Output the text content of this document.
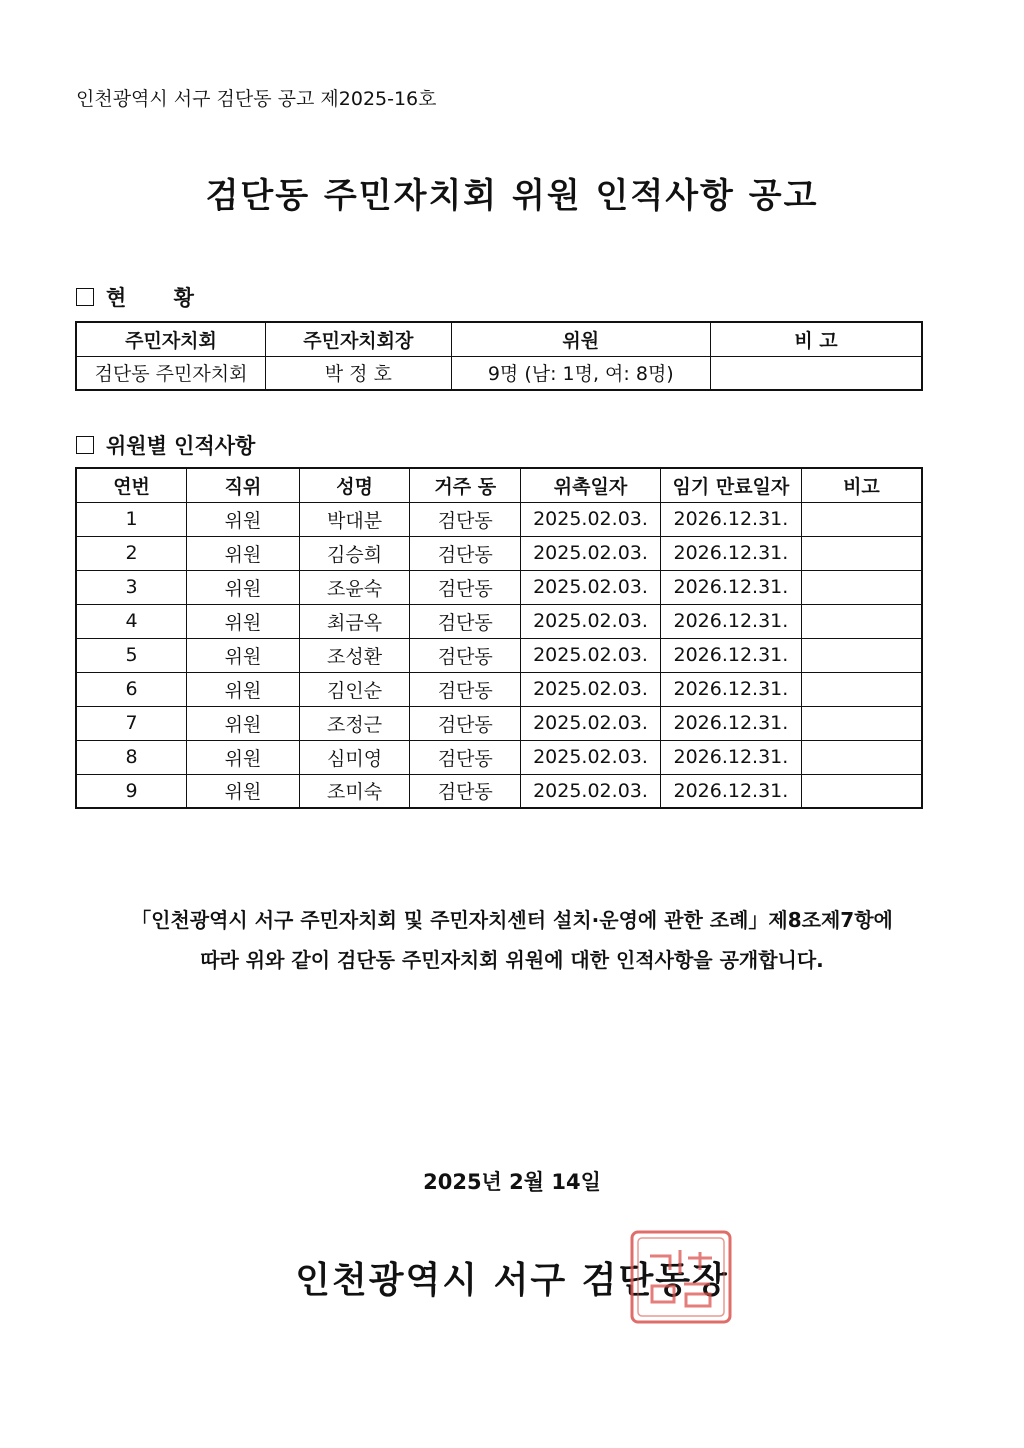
인천광역시 서구 검단동 공고 제2025-16호
검단동 주민자치회 위원 인적사항 공고
현 황
주민자치회	주민자치회장	위원	비 고
검단동 주민자치회	박 정 호	9명 (남: 1명, 여: 8명)	
위원별 인적사항
연번	직위	성명	거주 동	위촉일자	임기 만료일자	비고
1	위원	박대분	검단동	2025.02.03.	2026.12.31.	
2	위원	김승희	검단동	2025.02.03.	2026.12.31.	
3	위원	조윤숙	검단동	2025.02.03.	2026.12.31.	
4	위원	최금옥	검단동	2025.02.03.	2026.12.31.	
5	위원	조성환	검단동	2025.02.03.	2026.12.31.	
6	위원	김인순	검단동	2025.02.03.	2026.12.31.	
7	위원	조정근	검단동	2025.02.03.	2026.12.31.	
8	위원	심미영	검단동	2025.02.03.	2026.12.31.	
9	위원	조미숙	검단동	2025.02.03.	2026.12.31.	
「인천광역시 서구 주민자치회 및 주민자치센터 설치·운영에 관한 조례」제8조제7항에
따라 위와 같이 검단동 주민자치회 위원에 대한 인적사항을 공개합니다.
2025년 2월 14일
인천광역시 서구 검단동장
